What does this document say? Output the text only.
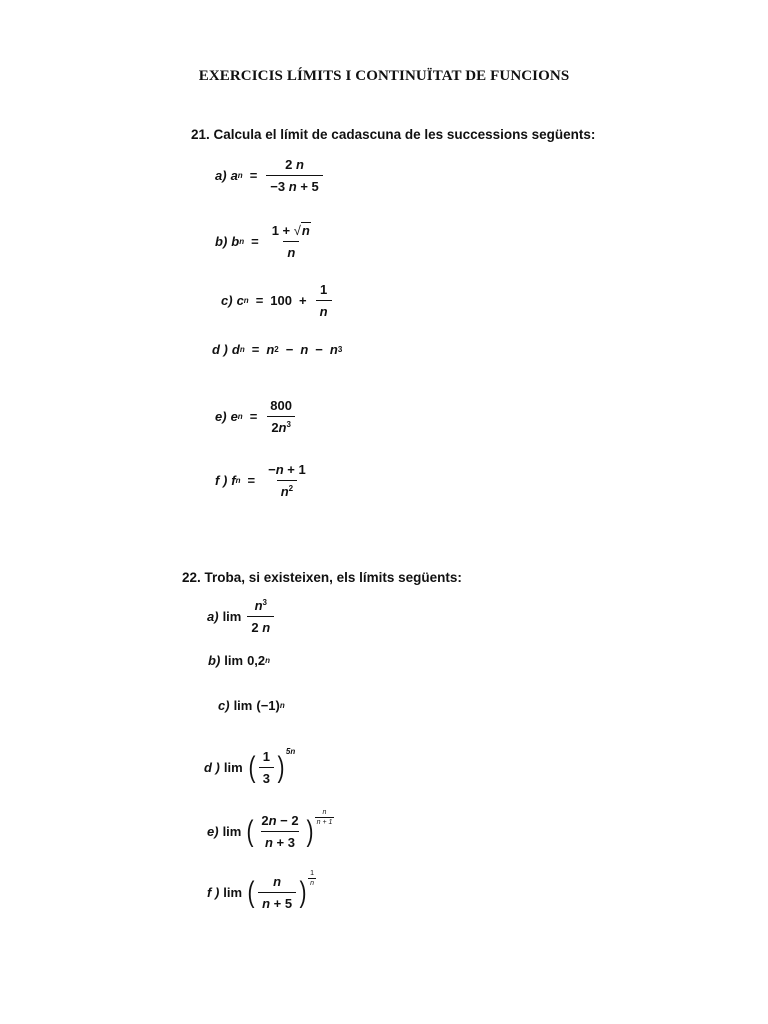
EXERCICIS LÍMITS I CONTINUÏTAT DE FUNCIONS
21. Calcula el límit de cadascuna de les successions següents:
a) a $n = \frac{2 n}{-3 n + 5}$
b) b $n = \frac{1 + √ n}{n}$
c) c $n = 100 + \frac{1}{n}$
d ) d n = n 2 − n − n 3
e) e $n = \frac{800}{2n^3}$
f ) f $n = \frac{-n + 1}{n^2}$
22. Troba, si existeixen, els límits següents:
a) $\lim \frac{n^3}{2 n}$
b) lim 0,2 n
c) lim (−1) n
d ) lim ( $\frac{1}{3}$ ) 5n
e) lim ( $\frac{2n - 2}{n + 3}$ )
n
n + 1
f ) lim ( $\frac{n}{n + 5}$ )
1
n
